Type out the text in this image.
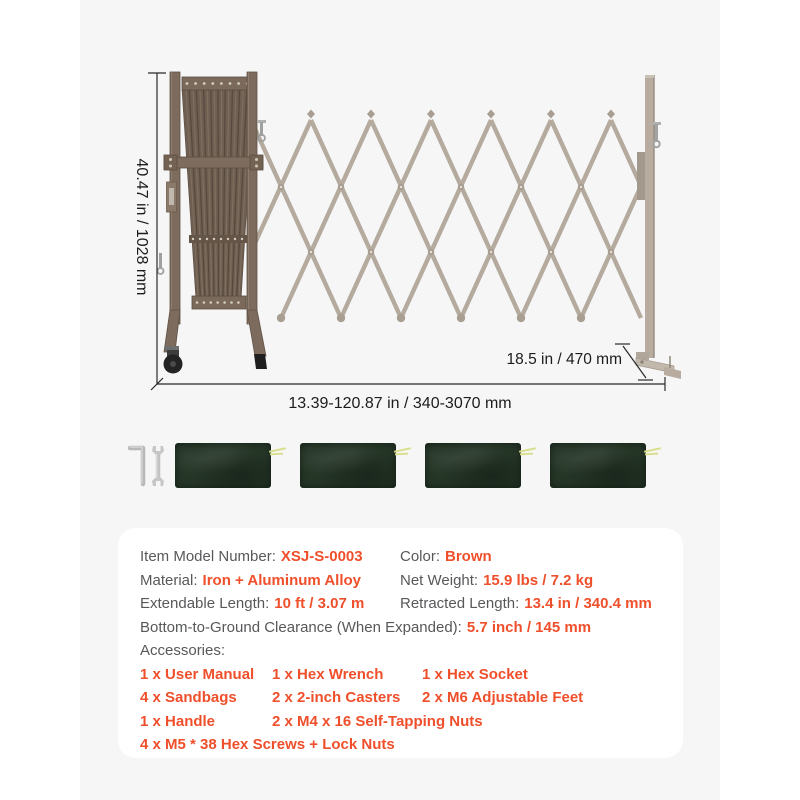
40.47 in / 1028 mm
13.39-120.87 in / 340-3070 mm
18.5 in / 470 mm
Item Model Number: XSJ-S-0003 Color: Brown
Material: Iron + Aluminum Alloy	Net Weight: 15.9 lbs / 7.2 kg
Extendable Length: 10 ft / 3.07 m Retracted Length: 13.4 in / 340.4 mm
Bottom-to-Ground Clearance (When Expanded): 5.7 inch / 145 mm
Accessories:
1 x User Manual	1 x Hex Wrench	1 x Hex Socket
4 x Sandbags	2 x 2-inch Casters	2 x M6 Adjustable Feet
1 x Handle	2 x M4 x 16 Self-Tapping Nuts
4 x M5 * 38 Hex Screws + Lock Nuts
